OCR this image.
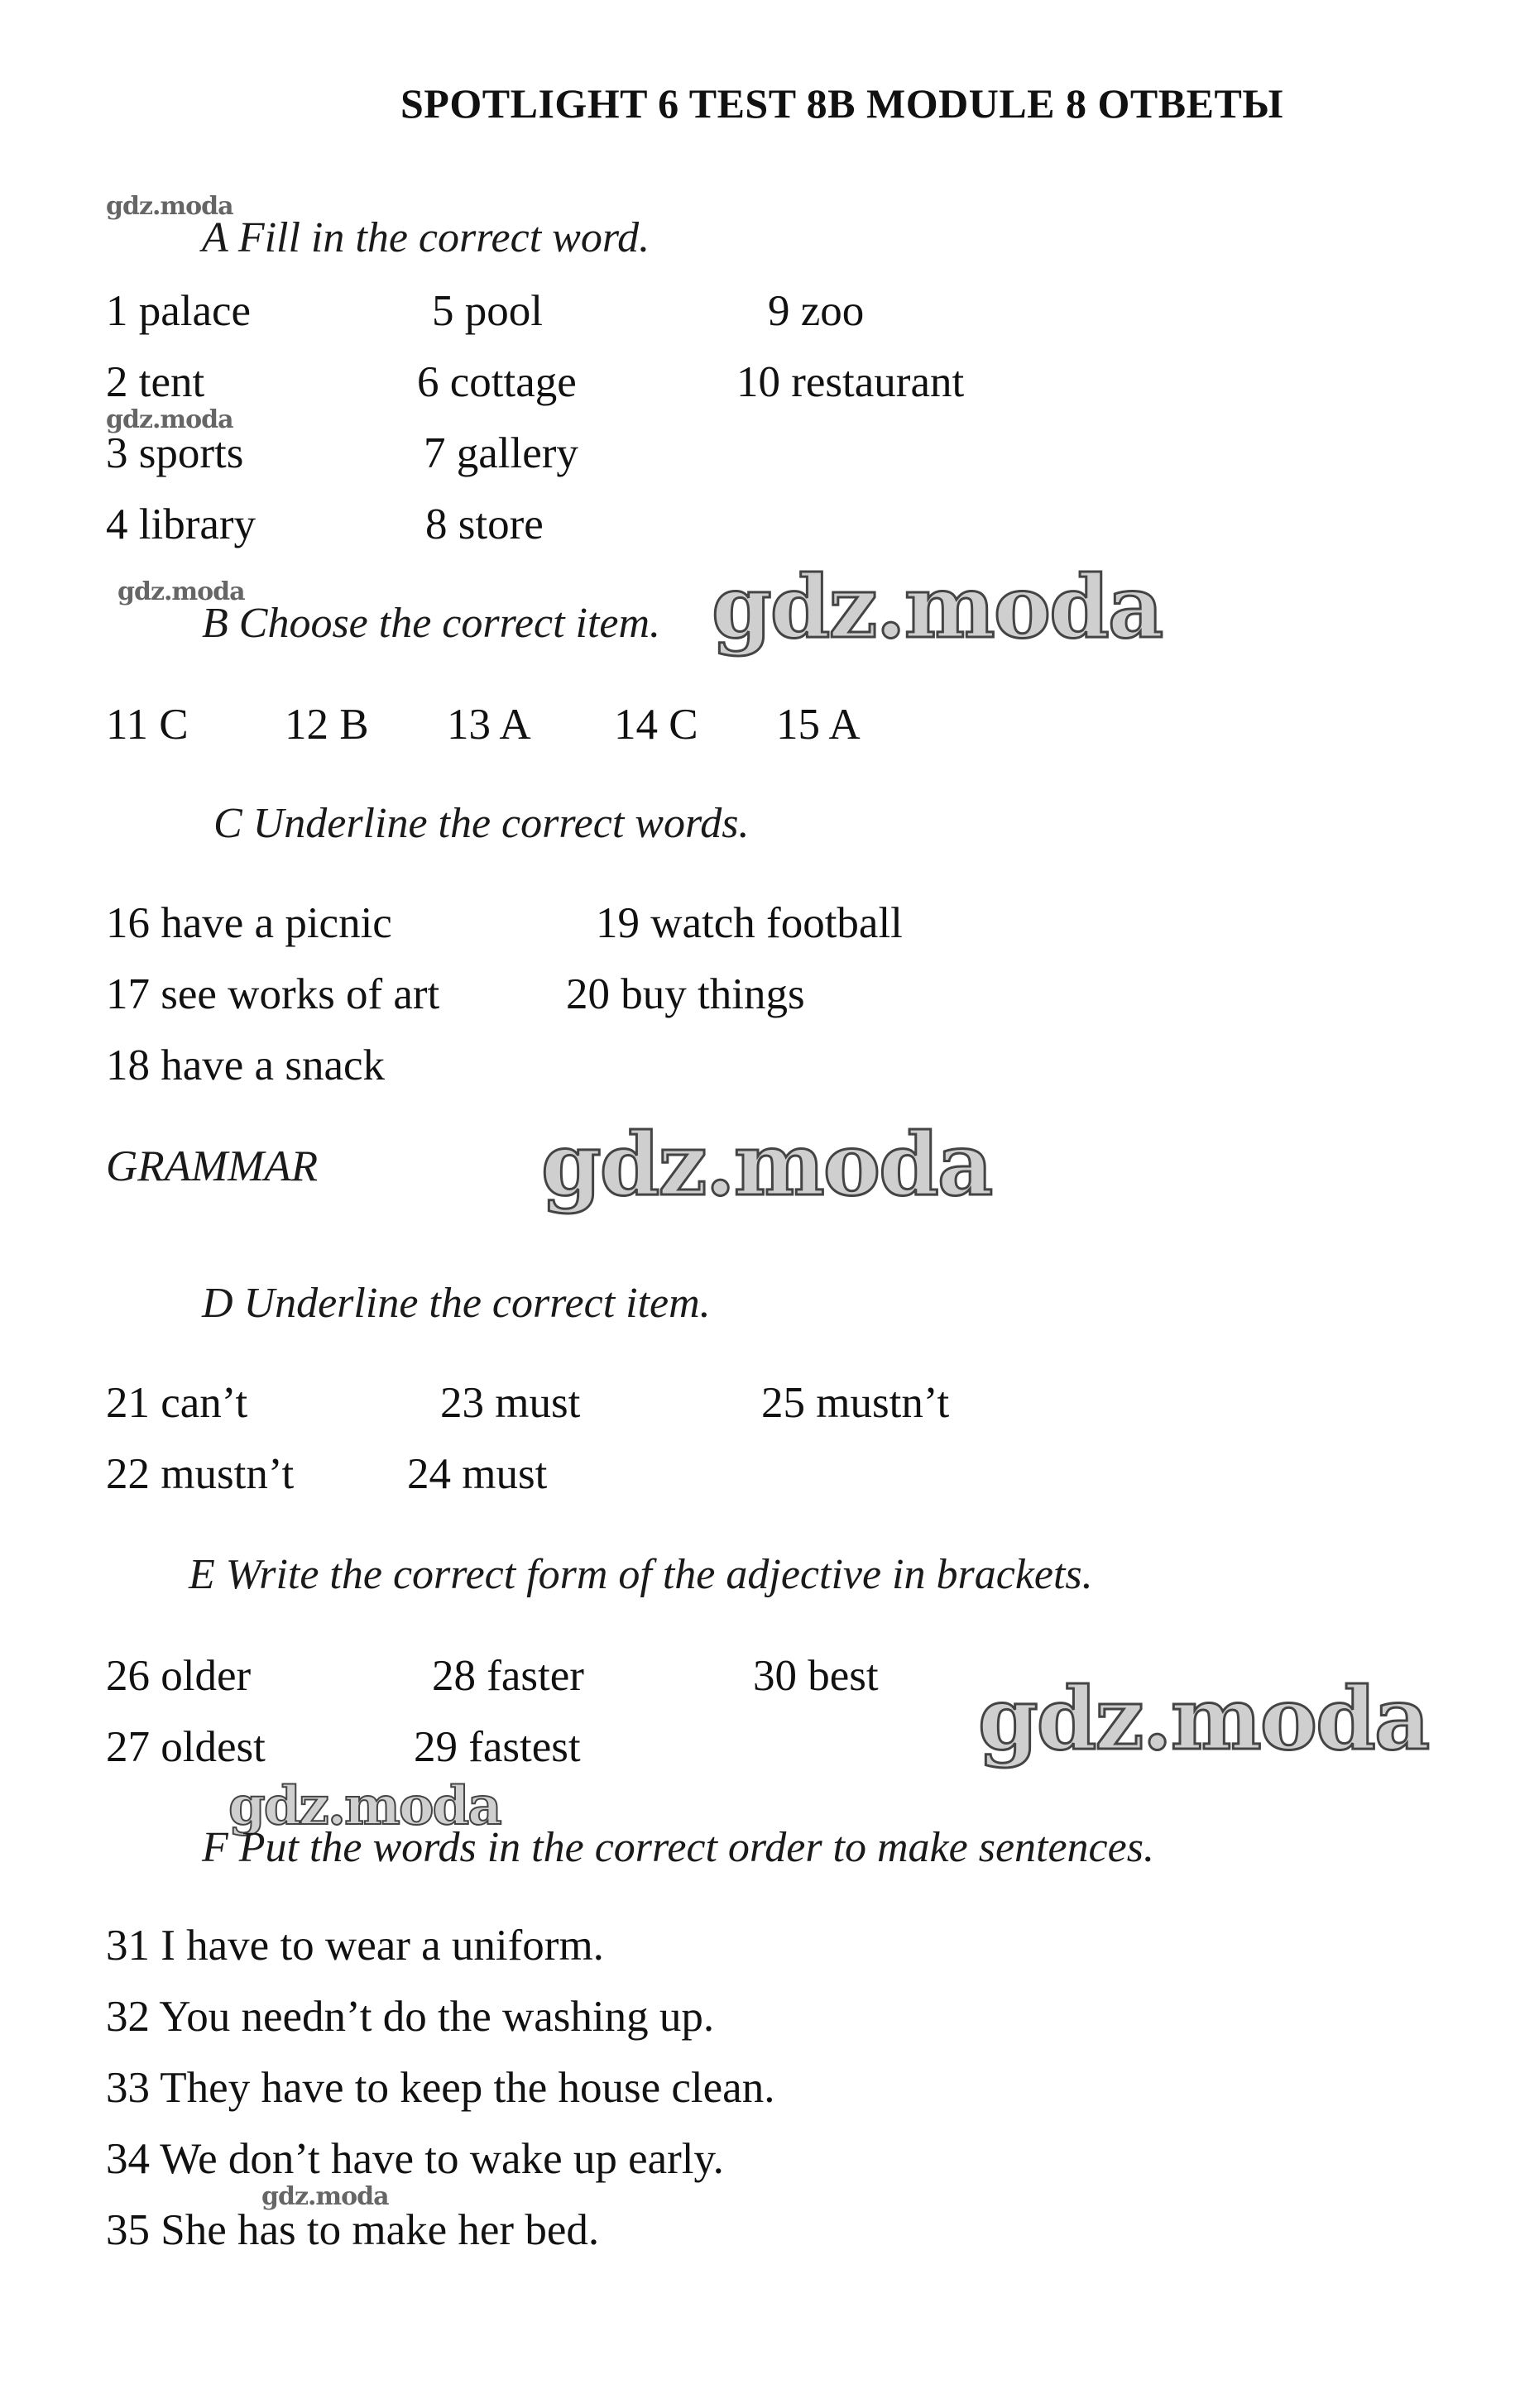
SPOTLIGHT 6 TEST 8B MODULE 8 ОТВЕТЫ
gdz.moda
A Fill in the correct word.
1 palace	5 pool	9 zoo
2 tent	6 cottage	10 restaurant
gdz.moda
3 sports	7 gallery
4 library	8 store
gdz.moda
B Choose the correct item. gdz.moda
11 C 12 B 13 A 14 C 15 A
C Underline the correct words.
16 have a picnic	19 watch football
17 see works of art	20 buy things
18 have a snack
GRAMMAR	gdz.moda
D Underline the correct item.
21 can’t	23 must	25 mustn’t
22 mustn’t	24 must
E Write the correct form of the adjective in brackets.
26 older	28 faster	30 best gdz.moda
27 oldest	29 fastest
gdz.moda
F Put the words in the correct order to make sentences.
31 I have to wear a uniform.
32 You needn’t do the washing up.
33 They have to keep the house clean.
34 We don’t have to wake up early.
gdz.moda
35 She has to make her bed.
